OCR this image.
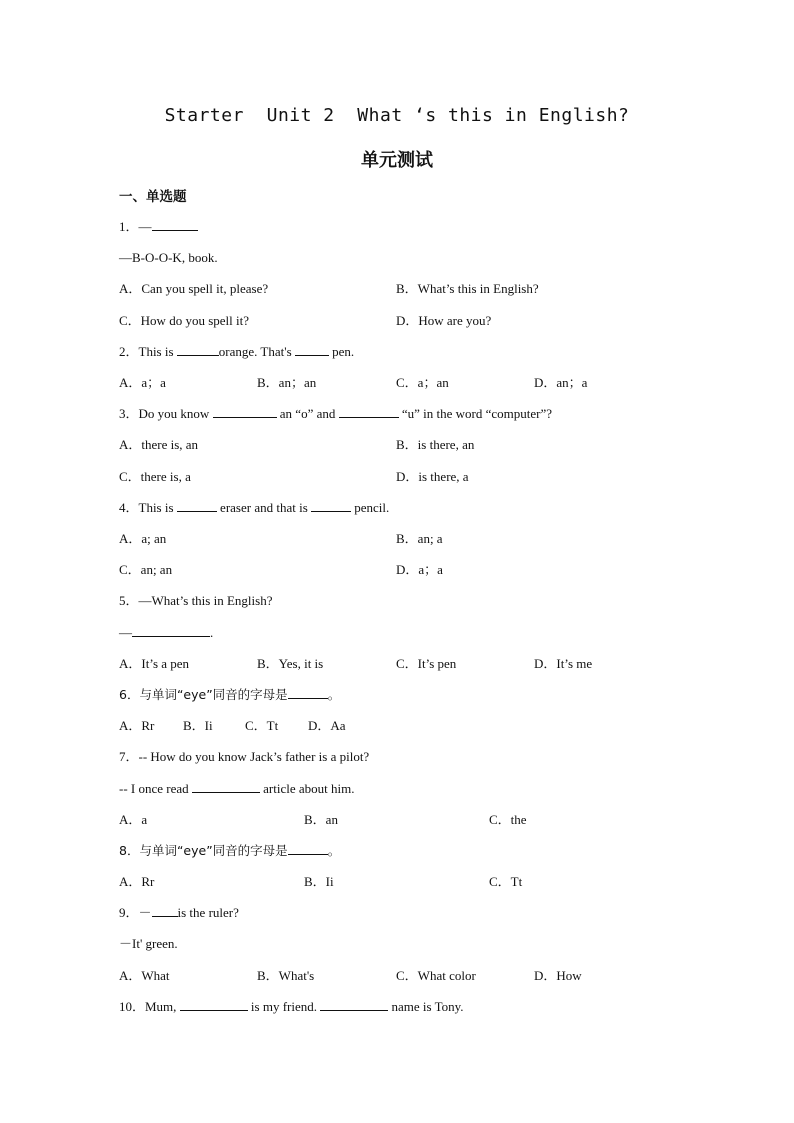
Starter  Unit 2  What ‘s this in English?
单元测试
一、单选题
1．—
—B-O-O-K, book.
A．Can you spell it, please?	B．What’s this in English?
C．How do you spell it?	D．How are you?
2．This is	orange. That's	pen.
A．a；a	B．an；an	C．a；an	D．an；a
3．Do you know	an “o” and	“u” in the word “computer”?
A．there is, an	B．is there, an
C．there is, a	D．is there, a
4．This is	eraser and that is	pencil.
A．a; an	B．an; a
C．an; an	D．a；a
5．—What’s this in English?
—	.
A．It’s a pen	B．Yes, it is	C．It’s pen	D．It’s me
6．与单词“eye”同音的字母是	。
A．Rr B．Ii C．Tt D．Aa
7．-- How do you know Jack’s father is a pilot?
-- I once read	article about him.
A．a	B．an	C．the
8．与单词“eye”同音的字母是	。
A．Rr	B．Ii	C．Tt
9．－ is the ruler?
－It' green.
A．What	B．What's	C．What color	D．How
10．Mum,	is my friend.	name is Tony.
